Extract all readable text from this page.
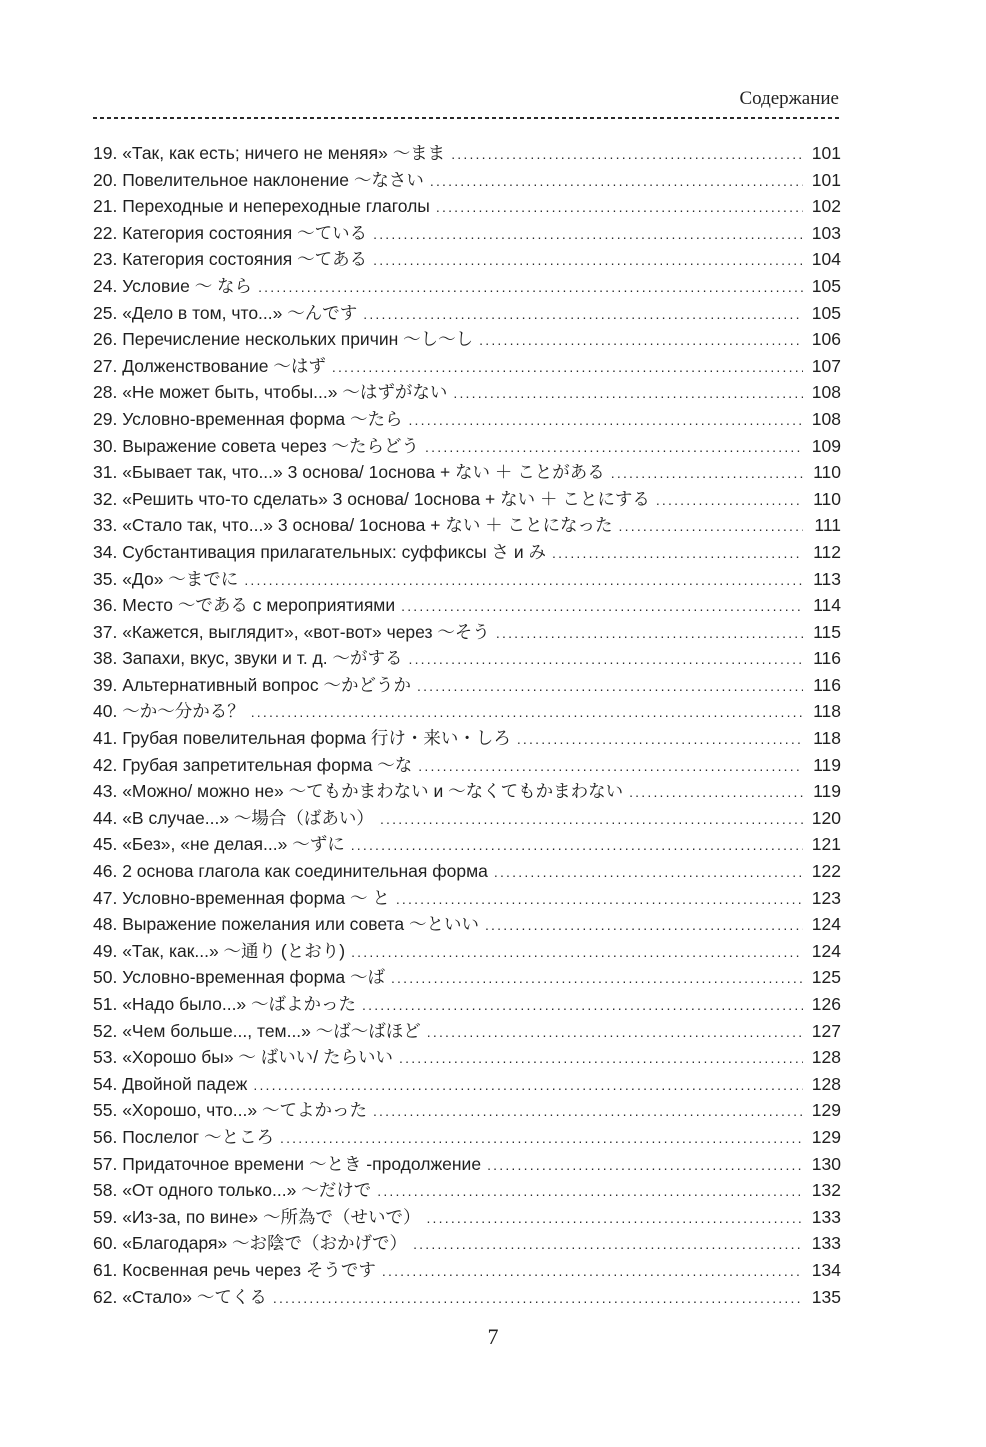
Содержание
19. «Так, как есть; ничего не меняя» 〜まま .....	101
20. Повелительное наклонение 〜なさい .....	101
21. Переходные и непереходные глаголы .....	102
22. Категория состояния 〜ている .....	103
23. Категория состояния 〜てある .....	104
24. Условие 〜 なら .....	105
25. «Дело в том, что...» 〜んです .....	105
26. Перечисление нескольких причин 〜し〜し .....	106
27. Долженствование 〜はず .....	107
28. «Не может быть, чтобы...» 〜はずがない .....	108
29. Условно-временная форма 〜たら .....	108
30. Выражение совета через 〜たらどう .....	109
31. «Бывает так, что...» 3 основа/ 1основа + ない ＋ ことがある .....	110
32. «Решить что-то сделать» 3 основа/ 1основа + ない ＋ ことにする .....	110
33. «Стало так, что...» 3 основа/ 1основа + ない ＋ ことになった .....	111
34. Субстантивация прилагательных: суффиксы さ и み .....	112
35. «До» 〜までに .....	113
36. Место 〜である с мероприятиями .....	114
37. «Кажется, выглядит», «вот-вот» через 〜そう .....	115
38. Запахи, вкус, звуки и т. д. 〜がする .....	116
39. Альтернативный вопрос 〜かどうか .....	116
40. 〜か〜分かる？ .....	118
41. Грубая повелительная форма 行け・来い・しろ .....	118
42. Грубая запретительная форма 〜な .....	119
43. «Можно/ можно не» 〜てもかまわない и 〜なくてもかまわない .....	119
44. «В случае...» 〜場合（ばあい） .....	120
45. «Без», «не делая...» 〜ずに .....	121
46. 2 основа глагола как соединительная форма .....	122
47. Условно-временная форма 〜 と .....	123
48. Выражение пожелания или совета 〜といい .....	124
49. «Так, как...» 〜通り (とおり) .....	124
50. Условно-временная форма 〜ば .....	125
51. «Надо было...» 〜ばよかった .....	126
52. «Чем больше..., тем...» 〜ば〜ばほど .....	127
53. «Хорошо бы» 〜 ばいい/ たらいい .....	128
54. Двойной падеж .....	128
55. «Хорошо, что...» 〜てよかった .....	129
56. Послелог 〜ところ .....	129
57. Придаточное времени 〜とき -продолжение .....	130
58. «От одного только...» 〜だけで .....	132
59. «Из-за, по вине» 〜所為で（せいで） .....	133
60. «Благодаря» 〜お陰で（おかげで） .....	133
61. Косвенная речь через そうです .....	134
62. «Стало» 〜てくる .....	135
7
